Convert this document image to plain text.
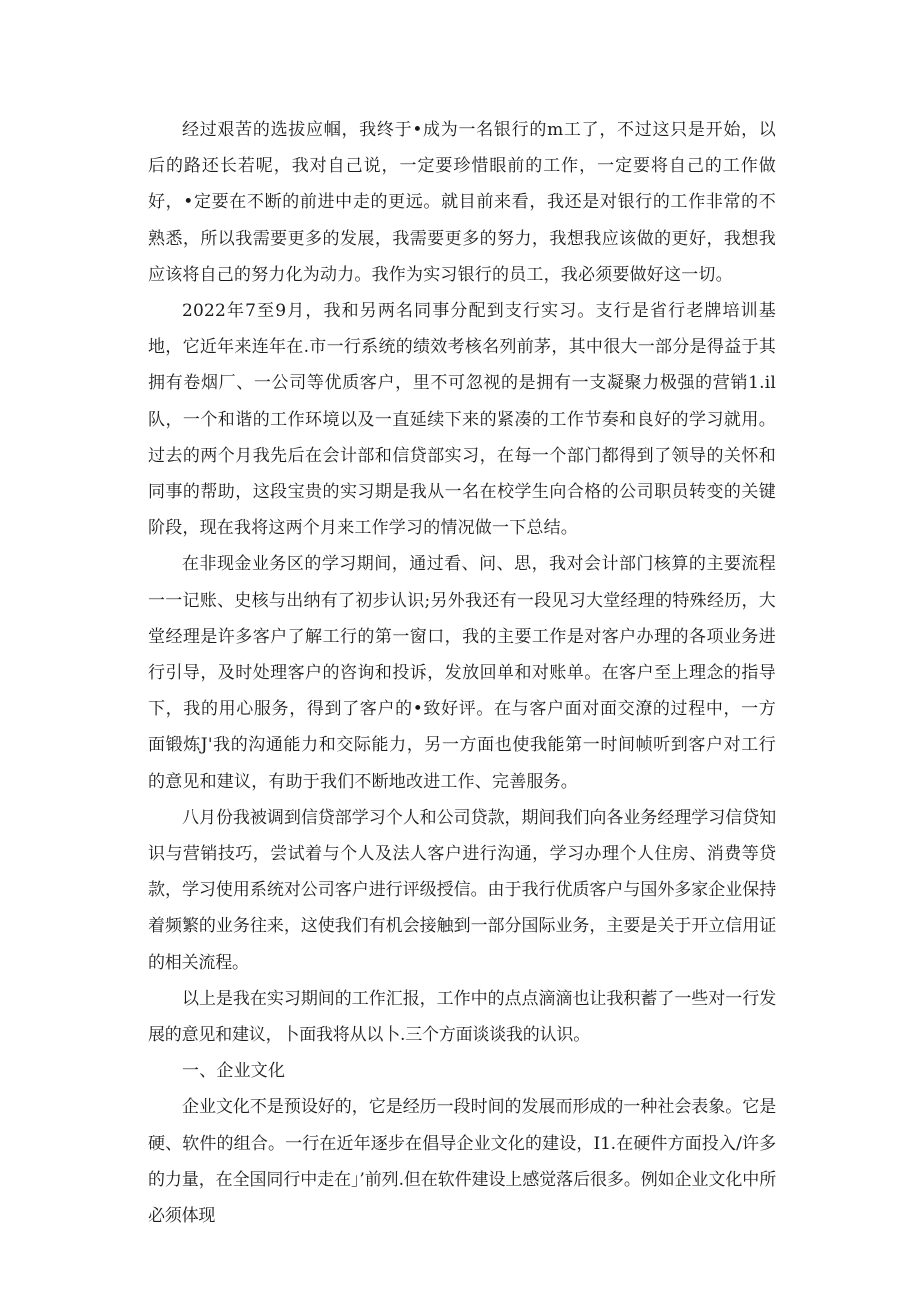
经过艰苦的选拔应帼，我终于•成为一名银行的m工了，不过这只是开始，以后的路还长若呢，我对自己说，一定要珍惜眼前的工作，一定要将自己的工作做好，•定要在不断的前进中走的更远。就目前来看，我还是对银行的工作非常的不熟悉，所以我需要更多的发展，我需要更多的努力，我想我应该做的更好，我想我应该将自己的努力化为动力。我作为实习银行的员工，我必须要做好这一切。

2022年7至9月，我和另两名同事分配到支行实习。支行是省行老牌培训基地，它近年来连年在.市一行系统的绩效考核名列前茅，其中很大一部分是得益于其拥有卷烟厂、一公司等优质客户，里不可忽视的是拥有一支凝聚力极强的营销1.il队，一个和谐的工作环境以及一直延续下来的紧凑的工作节奏和良好的学习就用。过去的两个月我先后在会计部和信贷部实习，在每一个部门都得到了领导的关怀和同事的帮助，这段宝贵的实习期是我从一名在校学生向合格的公司职员转变的关键阶段，现在我将这两个月来工作学习的情况做一下总结。

在非现金业务区的学习期间，通过看、问、思，我对会计部门核算的主要流程一一记账、史核与出纳有了初步认识;另外我还有一段见习大堂经理的特殊经历，大堂经理是许多客户了解工行的第一窗口，我的主要工作是对客户办理的各项业务进行引导，及时处理客户的咨询和投诉，发放回单和对账单。在客户至上理念的指导下，我的用心服务，得到了客户的•致好评。在与客户面对面交潦的过程中，一方面锻炼J'我的沟通能力和交际能力，另一方面也使我能第一时间帧听到客户对工行的意见和建议，有助于我们不断地改进工作、完善服务。

八月份我被调到信贷部学习个人和公司贷款，期间我们向各业务经理学习信贷知识与营销技巧，尝试着与个人及法人客户进行沟通，学习办理个人住房、消费等贷款，学习使用系统对公司客户进行评级授信。由于我行优质客户与国外多家企业保持着频繁的业务往来，这使我们有机会接触到一部分国际业务，主要是关于开立信用证的相关流程。

以上是我在实习期间的工作汇报，工作中的点点滴滴也让我积蓄了一些对一行发展的意见和建议，卜面我将从以卜.三个方面谈谈我的认识。

一、企业文化

企业文化不是预设好的，它是经历一段时间的发展而形成的一种社会表象。它是硬、软件的组合。一行在近年逐步在倡导企业文化的建设，I1.在硬件方面投入/许多的力量，在全国同行中走在」’前列.但在软件建设上感觉落后很多。例如企业文化中所必须体现
